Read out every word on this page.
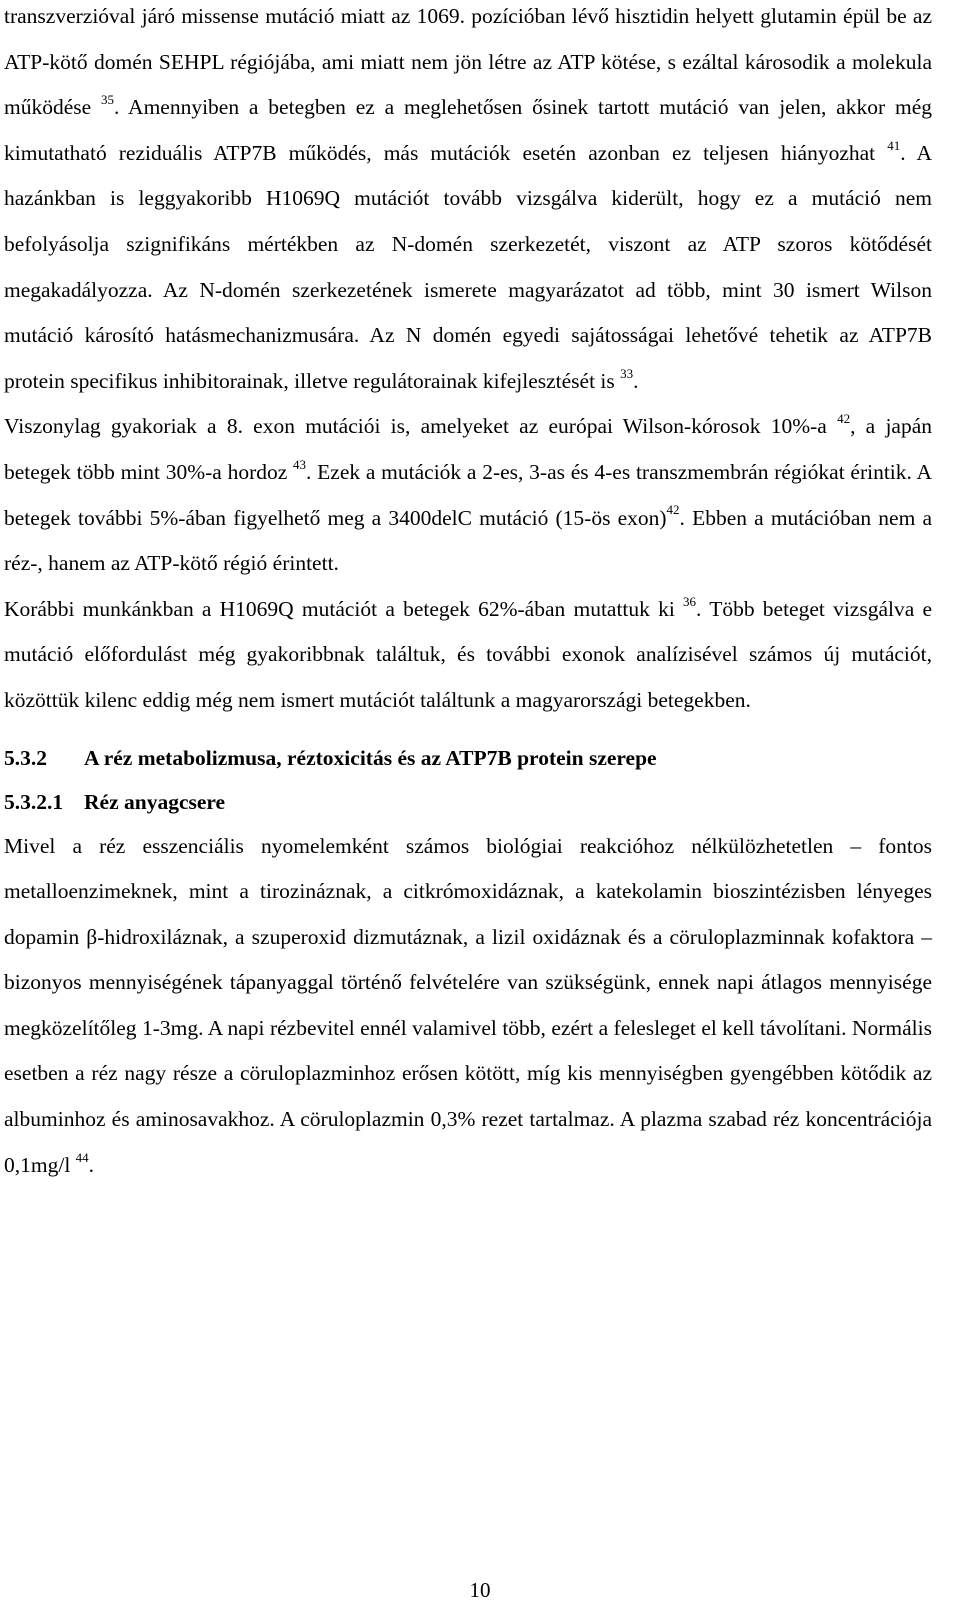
transzverzióval járó missense mutáció miatt az 1069. pozícióban lévő hisztidin helyett glutamin épül be az ATP-kötő domén SEHPL régiójába, ami miatt nem jön létre az ATP kötése, s ezáltal károsodik a molekula működése $^{35}$. Amennyiben a betegben ez a meglehetősen ősinek tartott mutáció van jelen, akkor még kimutatható reziduális ATP7B működés, más mutációk esetén azonban ez teljesen hiányozhat $^{41}$. A hazánkban is leggyakoribb H1069Q mutációt tovább vizsgálva kiderült, hogy ez a mutáció nem befolyásolja szignifikáns mértékben az N-domén szerkezetét, viszont az ATP szoros kötődését megakadályozza. Az N-domén szerkezetének ismerete magyarázatot ad több, mint 30 ismert Wilson mutáció károsító hatásmechanizmusára. Az N domén egyedi sajátosságai lehetővé tehetik az ATP7B protein specifikus inhibitorainak, illetve regulátorainak kifejlesztését is $^{33}$.

Viszonylag gyakoriak a 8. exon mutációi is, amelyeket az európai Wilson-kórosok 10%-a $^{42}$, a japán betegek több mint 30%-a hordoz $^{43}$. Ezek a mutációk a 2-es, 3-as és 4-es transzmembrán régiókat érintik. A betegek további 5%-ában figyelhető meg a 3400delC mutáció (15-ös exon)$^{42}$. Ebben a mutációban nem a réz-, hanem az ATP-kötő régió érintett.

Korábbi munkánkban a H1069Q mutációt a betegek 62%-ában mutattuk ki $^{36}$. Több beteget vizsgálva e mutáció előfordulást még gyakoribbnak találtuk, és további exonok analízisével számos új mutációt, közöttük kilenc eddig még nem ismert mutációt találtunk a magyarországi betegekben.

5.3.2 A réz metabolizmusa, réztoxicitás és az ATP7B protein szerepe
5.3.2.1 Réz anyagcsere

Mivel a réz esszenciális nyomelemként számos biológiai reakcióhoz nélkülözhetetlen – fontos metalloenzimeknek, mint a tirozináznak, a citkrómoxidáznak, a katekolamin bioszintézisben lényeges dopamin β-hidroxiláznak, a szuperoxid dizmutáznak, a lizil oxidáznak és a cöruloplazminnak kofaktora – bizonyos mennyiségének tápanyaggal történő felvételére van szükségünk, ennek napi átlagos mennyisége megközelítőleg 1-3mg. A napi rézbevitel ennél valamivel több, ezért a felesleget el kell távolítani. Normális esetben a réz nagy része a cöruloplazminhoz erősen kötött, míg kis mennyiségben gyengébben kötődik az albuminhoz és aminosavakhoz. A cöruloplazmin 0,3% rezet tartalmaz. A plazma szabad réz koncentrációja 0,1mg/l $^{44}$.

10
